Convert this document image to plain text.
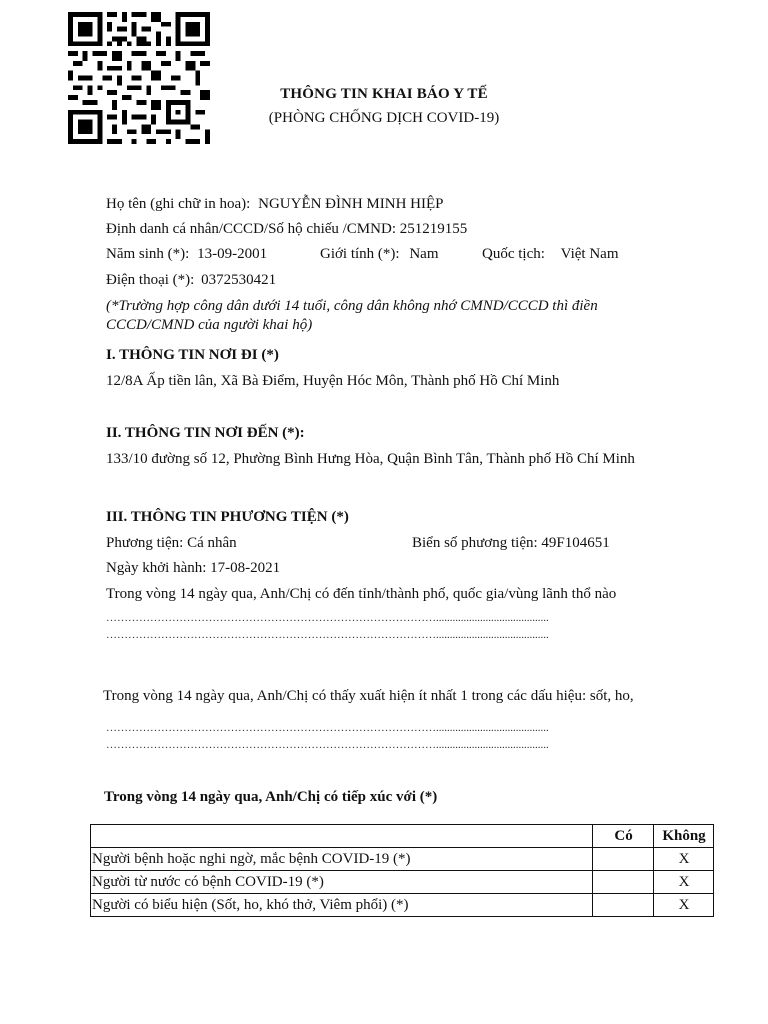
THÔNG TIN KHAI BÁO Y TẾ
(PHÒNG CHỐNG DỊCH COVID-19)
Họ tên (ghi chữ in hoa): NGUYỄN ĐÌNH MINH HIỆP
Định danh cá nhân/CCCD/Số hộ chiếu /CMND: 251219155
Năm sinh (*): 13-09-2001	Giới tính (*): Nam	Quốc tịch: Việt Nam
Điện thoại (*): 0372530421
(*Trường hợp công dân dưới 14 tuổi, công dân không nhớ CMND/CCCD thì điền
CCCD/CMND của người khai hộ)
I. THÔNG TIN NƠI ĐI (*)
12/8A Ấp tiền lân, Xã Bà Điểm, Huyện Hóc Môn, Thành phố Hồ Chí Minh
II. THÔNG TIN NƠI ĐẾN (*):
133/10 đường số 12, Phường Bình Hưng Hòa, Quận Bình Tân, Thành phố Hồ Chí Minh
III. THÔNG TIN PHƯƠNG TIỆN (*)
Phương tiện: Cá nhân	Biển số phương tiện: 49F104651
Ngày khởi hành: 17-08-2021
Trong vòng 14 ngày qua, Anh/Chị có đến tỉnh/thành phố, quốc gia/vùng lãnh thổ nào
……………………………………………………………………………….........................................
……………………………………………………………………………….........................................
Trong vòng 14 ngày qua, Anh/Chị có thấy xuất hiện ít nhất 1 trong các dấu hiệu: sốt, ho,
……………………………………………………………………………….........................................
……………………………………………………………………………….........................................
Trong vòng 14 ngày qua, Anh/Chị có tiếp xúc với (*)
	Có	Không
Người bệnh hoặc nghi ngờ, mắc bệnh COVID-19 (*)		X
Người từ nước có bệnh COVID-19 (*)		X
Người có biểu hiện (Sốt, ho, khó thở, Viêm phổi) (*)		X
